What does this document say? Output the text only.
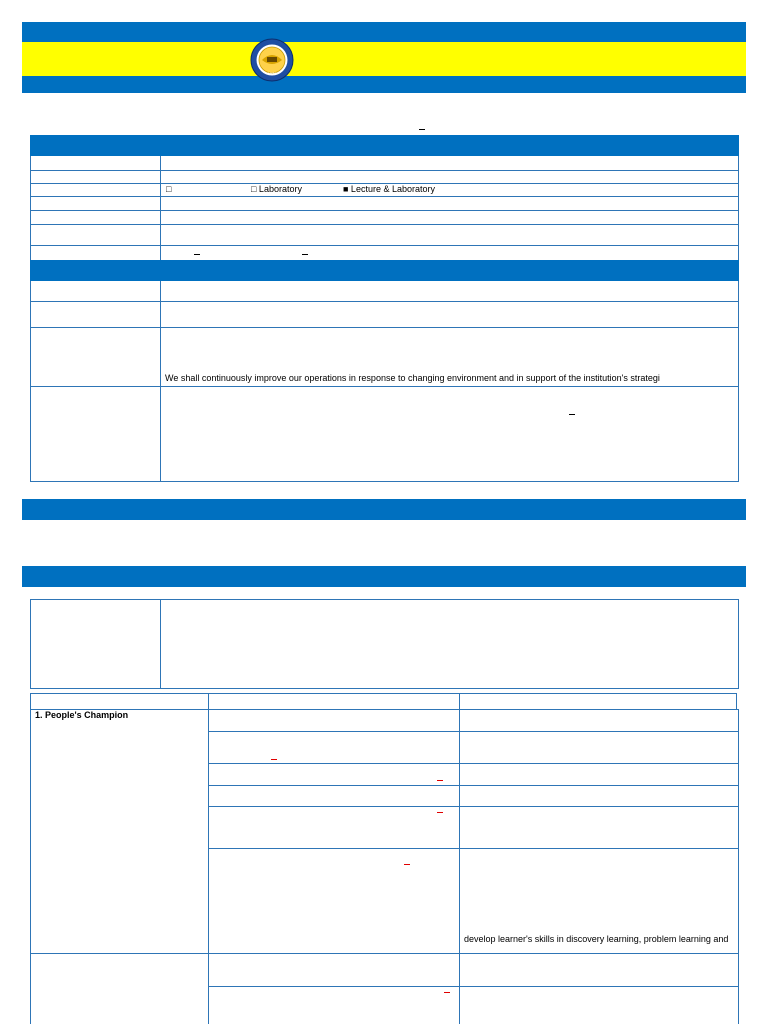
1978
□	□ Laboratory	■ Lecture & Laboratory
We shall continuously improve our operations in response to changing environment and in support of the institution's strategi
1. People's Champion
develop learner's skills in discovery learning, problem learning and
